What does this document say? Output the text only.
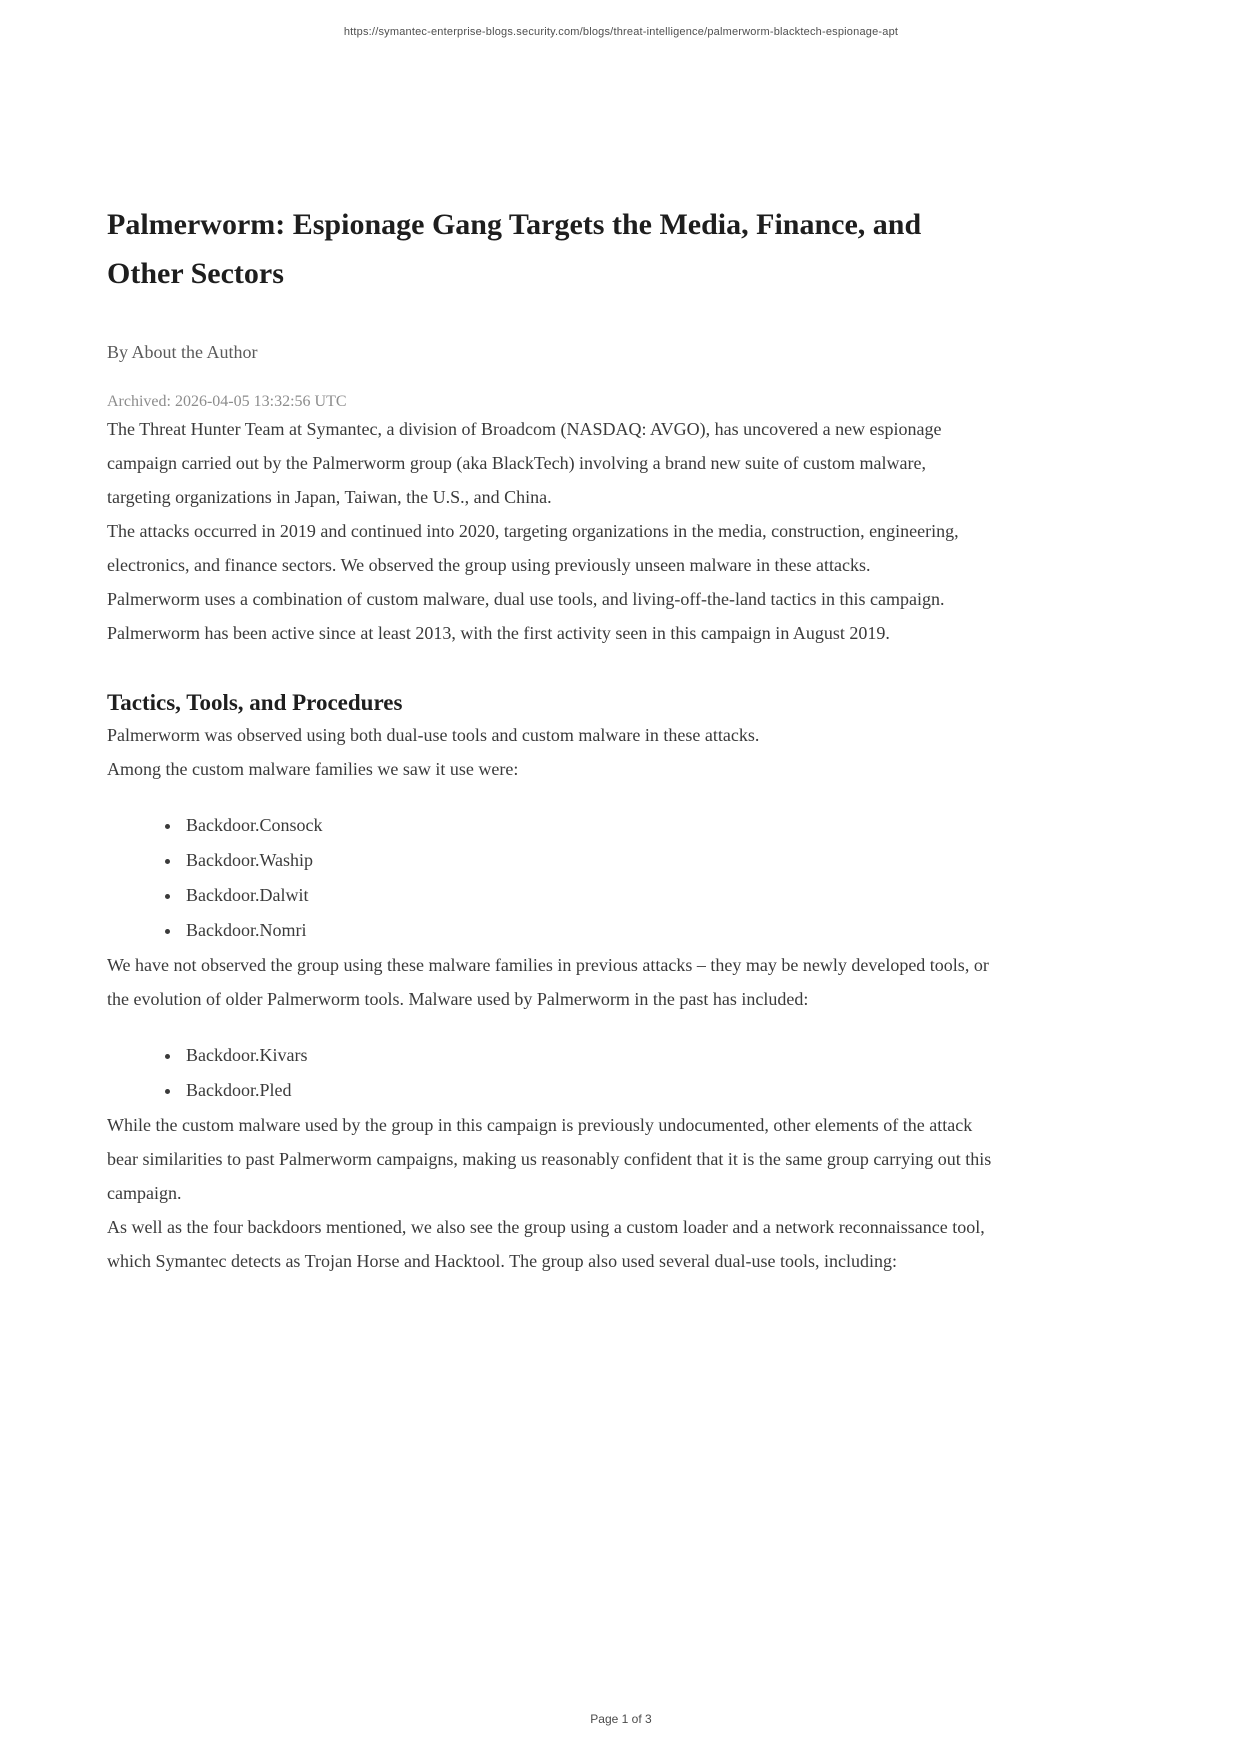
https://symantec-enterprise-blogs.security.com/blogs/threat-intelligence/palmerworm-blacktech-espionage-apt
Palmerworm: Espionage Gang Targets the Media, Finance, and Other Sectors
By About the Author
Archived: 2026-04-05 13:32:56 UTC

The Threat Hunter Team at Symantec, a division of Broadcom (NASDAQ: AVGO), has uncovered a new espionage campaign carried out by the Palmerworm group (aka BlackTech) involving a brand new suite of custom malware, targeting organizations in Japan, Taiwan, the U.S., and China.

The attacks occurred in 2019 and continued into 2020, targeting organizations in the media, construction, engineering, electronics, and finance sectors. We observed the group using previously unseen malware in these attacks.

Palmerworm uses a combination of custom malware, dual use tools, and living-off-the-land tactics in this campaign. Palmerworm has been active since at least 2013, with the first activity seen in this campaign in August 2019.

Tactics, Tools, and Procedures

Palmerworm was observed using both dual-use tools and custom malware in these attacks.

Among the custom malware families we saw it use were:

• Backdoor.Consock
• Backdoor.Waship
• Backdoor.Dalwit
• Backdoor.Nomri

We have not observed the group using these malware families in previous attacks – they may be newly developed tools, or the evolution of older Palmerworm tools. Malware used by Palmerworm in the past has included:

• Backdoor.Kivars
• Backdoor.Pled

While the custom malware used by the group in this campaign is previously undocumented, other elements of the attack bear similarities to past Palmerworm campaigns, making us reasonably confident that it is the same group carrying out this campaign.

As well as the four backdoors mentioned, we also see the group using a custom loader and a network reconnaissance tool, which Symantec detects as Trojan Horse and Hacktool. The group also used several dual-use tools, including:

Page 1 of 3
